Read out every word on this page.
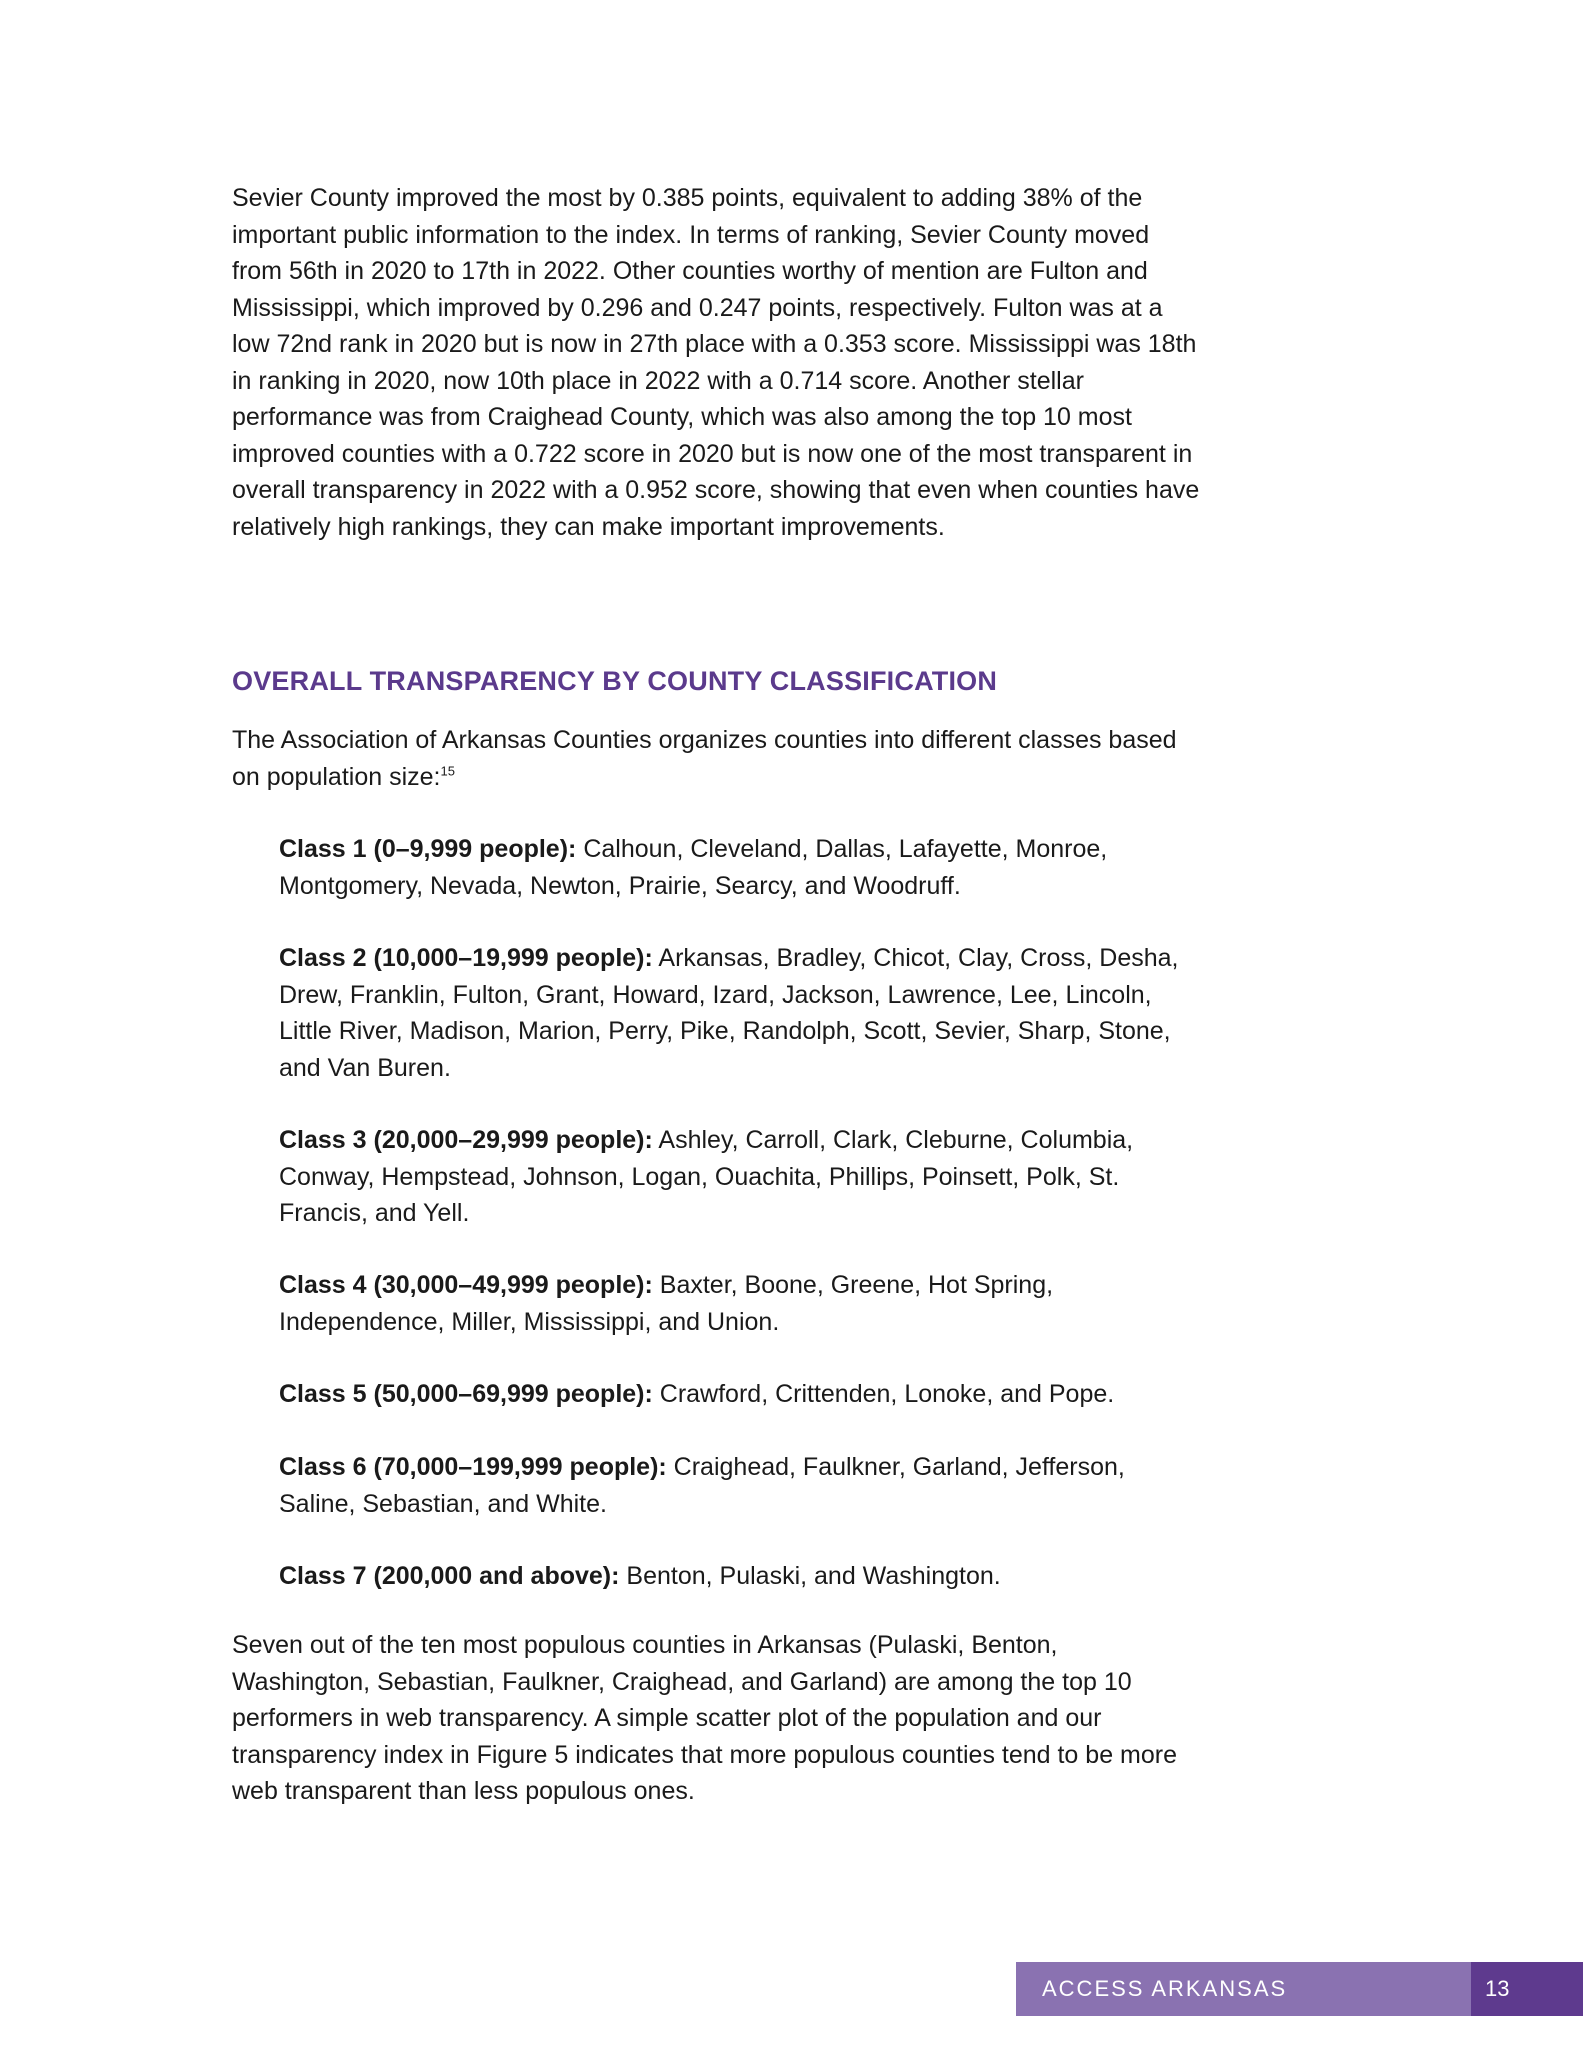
Sevier County improved the most by 0.385 points, equivalent to adding 38% of the important public information to the index. In terms of ranking, Sevier County moved from 56th in 2020 to 17th in 2022. Other counties worthy of mention are Fulton and Mississippi, which improved by 0.296 and 0.247 points, respectively. Fulton was at a low 72nd rank in 2020 but is now in 27th place with a 0.353 score. Mississippi was 18th in ranking in 2020, now 10th place in 2022 with a 0.714 score. Another stellar performance was from Craighead County, which was also among the top 10 most improved counties with a 0.722 score in 2020 but is now one of the most transparent in overall transparency in 2022 with a 0.952 score, showing that even when counties have relatively high rankings, they can make important improvements.
OVERALL TRANSPARENCY BY COUNTY CLASSIFICATION
The Association of Arkansas Counties organizes counties into different classes based on population size:$^{15}$
Class 1 (0–9,999 people): Calhoun, Cleveland, Dallas, Lafayette, Monroe, Montgomery, Nevada, Newton, Prairie, Searcy, and Woodruff.
Class 2 (10,000–19,999 people): Arkansas, Bradley, Chicot, Clay, Cross, Desha, Drew, Franklin, Fulton, Grant, Howard, Izard, Jackson, Lawrence, Lee, Lincoln, Little River, Madison, Marion, Perry, Pike, Randolph, Scott, Sevier, Sharp, Stone, and Van Buren.
Class 3 (20,000–29,999 people): Ashley, Carroll, Clark, Cleburne, Columbia, Conway, Hempstead, Johnson, Logan, Ouachita, Phillips, Poinsett, Polk, St. Francis, and Yell.
Class 4 (30,000–49,999 people): Baxter, Boone, Greene, Hot Spring, Independence, Miller, Mississippi, and Union.
Class 5 (50,000–69,999 people): Crawford, Crittenden, Lonoke, and Pope.
Class 6 (70,000–199,999 people): Craighead, Faulkner, Garland, Jefferson, Saline, Sebastian, and White.
Class 7 (200,000 and above): Benton, Pulaski, and Washington.
Seven out of the ten most populous counties in Arkansas (Pulaski, Benton, Washington, Sebastian, Faulkner, Craighead, and Garland) are among the top 10 performers in web transparency. A simple scatter plot of the population and our transparency index in Figure 5 indicates that more populous counties tend to be more web transparent than less populous ones.
ACCESS ARKANSAS	13
